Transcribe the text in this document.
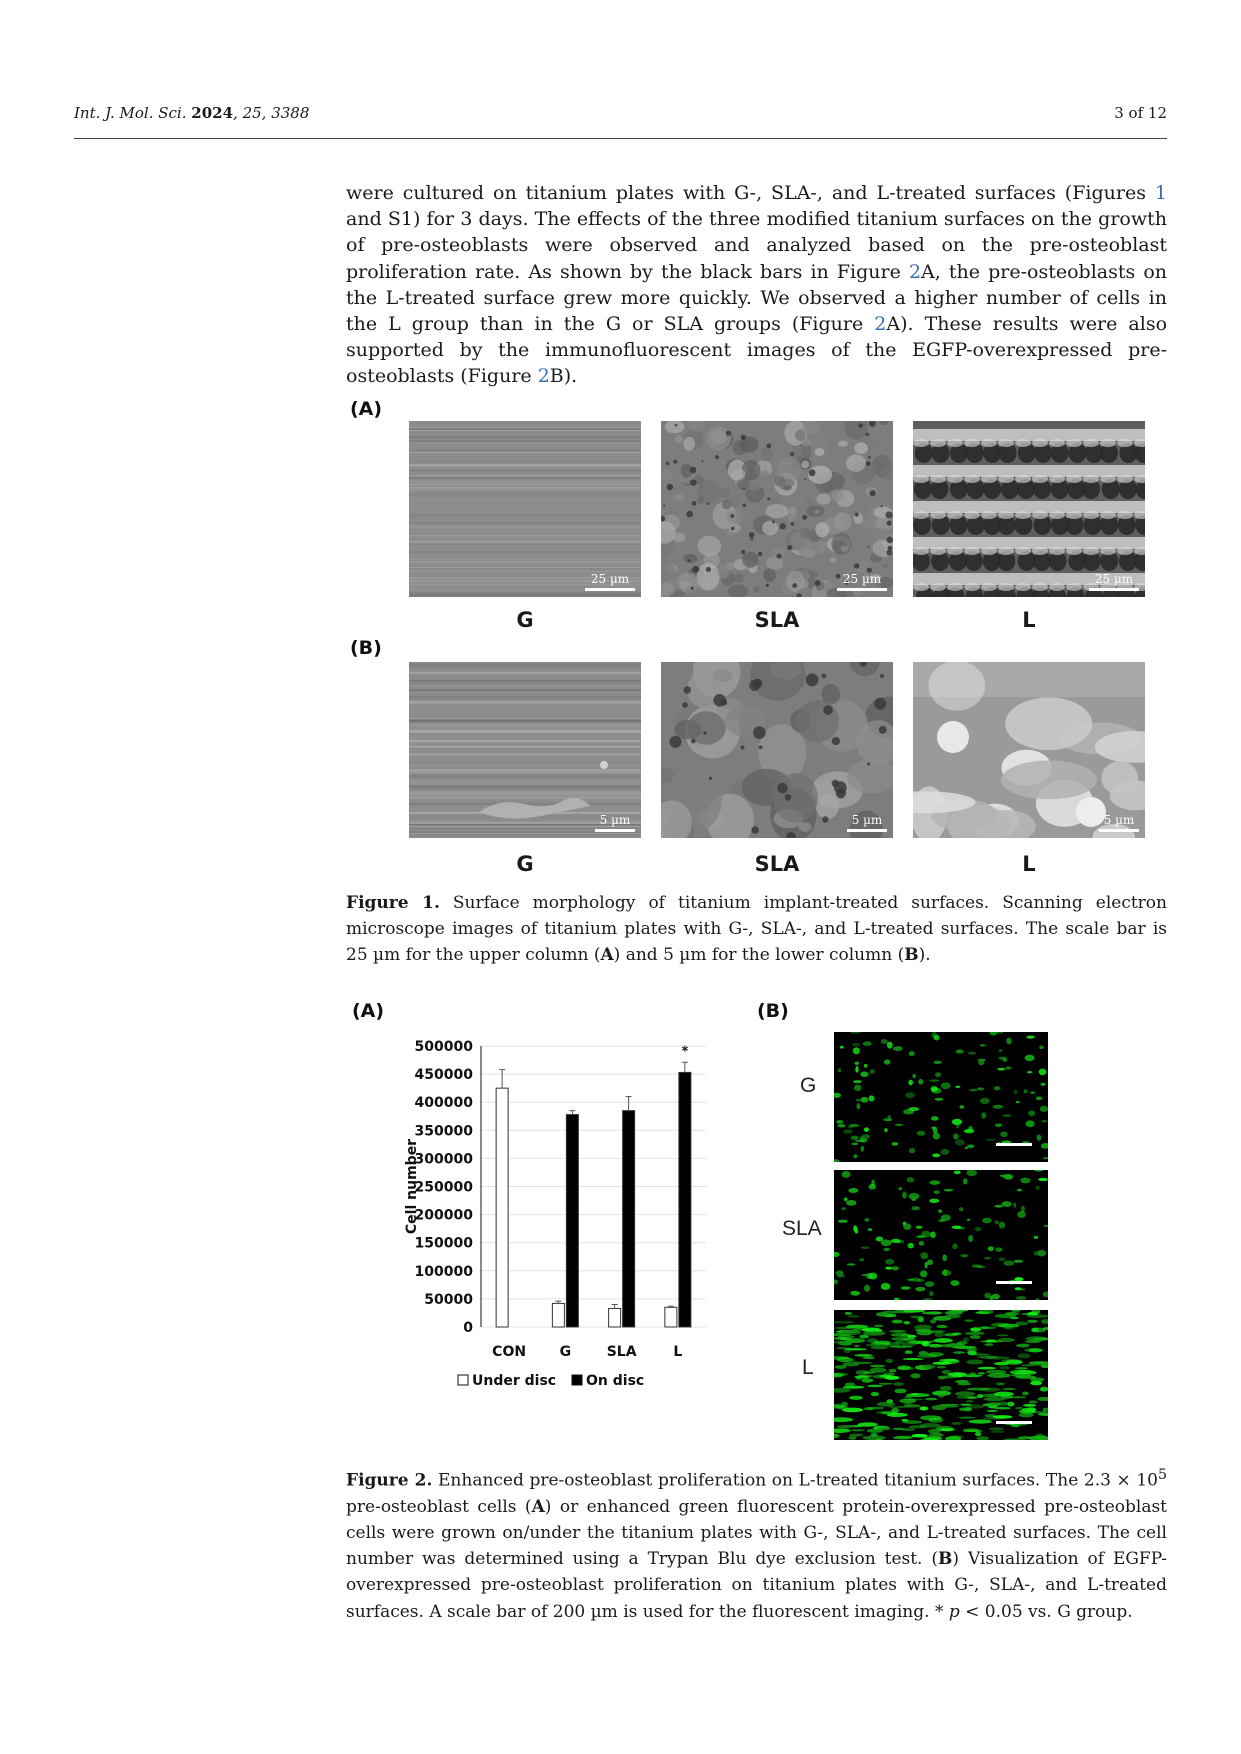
Int. J. Mol. Sci. 2024, 25, 3388	3 of 12

were cultured on titanium plates with G-, SLA-, and L-treated surfaces (Figures 1 and S1) for 3 days. The effects of the three modified titanium surfaces on the growth of pre-osteoblasts were observed and analyzed based on the pre-osteoblast proliferation rate. As shown by the black bars in Figure 2A, the pre-osteoblasts on the L-treated surface grew more quickly. We observed a higher number of cells in the L group than in the G or SLA groups (Figure 2A). These results were also supported by the immunofluorescent images of the EGFP-overexpressed pre-osteoblasts (Figure 2B).

(A)
(B)
25 µm
G
25 µm
SLA
25 µm
L
5 µm
G
5 µm
SLA
5 µm
L
Figure 1. Surface morphology of titanium implant-treated surfaces. Scanning electron microscope images of titanium plates with G-, SLA-, and L-treated surfaces. The scale bar is 25 µm for the upper column (A) and 5 µm for the lower column (B).
(A)	(B)
0
50000
100000
150000
200000
250000
300000
350000
400000
450000
500000
Cell number
CON G	SLA	L
*
Under disc On disc
G
SLA
L
Figure 2. Enhanced pre-osteoblast proliferation on L-treated titanium surfaces. The $2.3 \times 10^5$ pre-osteoblast cells (A) or enhanced green fluorescent protein-overexpressed pre-osteoblast cells were grown on/under the titanium plates with G-, SLA-, and L-treated surfaces. The cell number was determined using a Trypan Blu dye exclusion test. (B) Visualization of EGFP-overexpressed pre-osteoblast proliferation on titanium plates with G-, SLA-, and L-treated surfaces. A scale bar of 200 µm is used for the fluorescent imaging. * p < 0.05 vs. G group.
